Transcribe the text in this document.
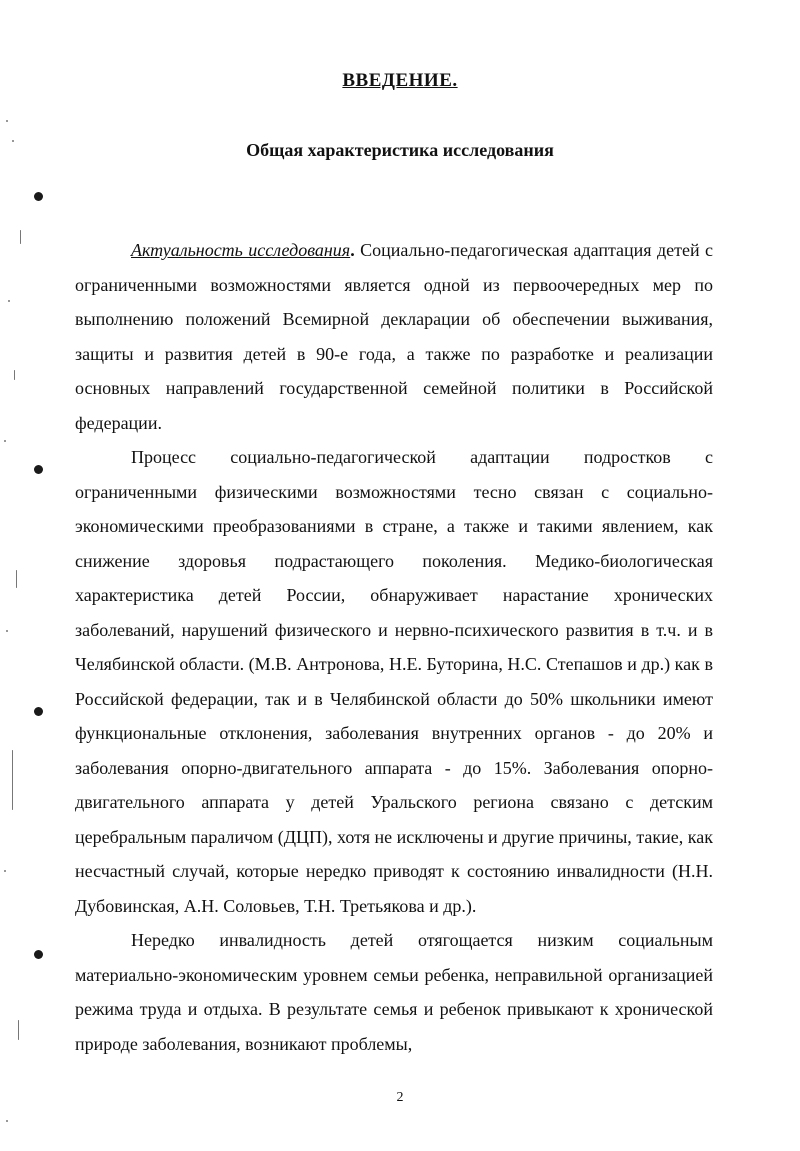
ВВЕДЕНИЕ.
Общая характеристика исследования

Актуальность исследования. Социально-педагогическая адаптация детей с ограниченными возможностями является одной из первоочередных мер по выполнению положений Всемирной декларации об обеспечении выживания, защиты и развития детей в 90-е года, а также по разработке и реализации основных направлений государственной семейной политики в Российской федерации.

Процесс социально-педагогической адаптации подростков с ограниченными физическими возможностями тесно связан с социально-экономическими преобразованиями в стране, а также и такими явлением, как снижение здоровья подрастающего поколения. Медико-биологическая характеристика детей России, обнаруживает нарастание хронических заболеваний, нарушений физического и нервно-психического развития в т.ч. и в Челябинской области. (М.В. Антронова, Н.Е. Буторина, Н.С. Степашов и др.) как в Российской федерации, так и в Челябинской области до 50% школьники имеют функциональные отклонения, заболевания внутренних органов - до 20% и заболевания опорно-двигательного аппарата - до 15%. Заболевания опорно-двигательного аппарата у детей Уральского региона связано с детским церебральным параличом (ДЦП), хотя не исключены и другие причины, такие, как несчастный случай, которые нередко приводят к состоянию инвалидности (Н.Н. Дубовинская, А.Н. Соловьев, Т.Н. Третьякова и др.).

Нередко инвалидность детей отягощается низким социальным материально-экономическим уровнем семьи ребенка, неправильной организацией режима труда и отдыха. В результате семья и ребенок привыкают к хронической природе заболевания, возникают проблемы,

2
